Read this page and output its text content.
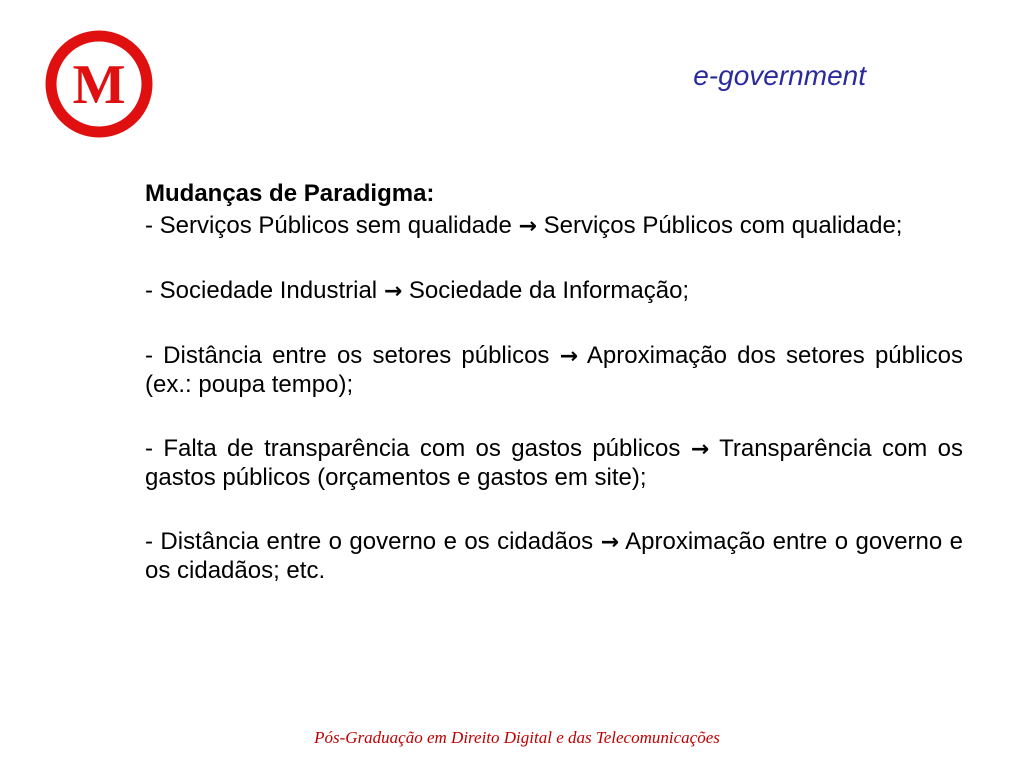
M	e-government

Mudanças de Paradigma:

- Serviços Públicos sem qualidade → Serviços Públicos com qualidade;

- Sociedade Industrial → Sociedade da Informação;

- Distância entre os setores públicos → Aproximação dos setores públicos (ex.: poupa tempo);

- Falta de transparência com os gastos públicos → Transparência com os gastos públicos (orçamentos e gastos em site);

- Distância entre o governo e os cidadãos → Aproximação entre o governo e os cidadãos; etc.

Pós-Graduação em Direito Digital e das Telecomunicações
